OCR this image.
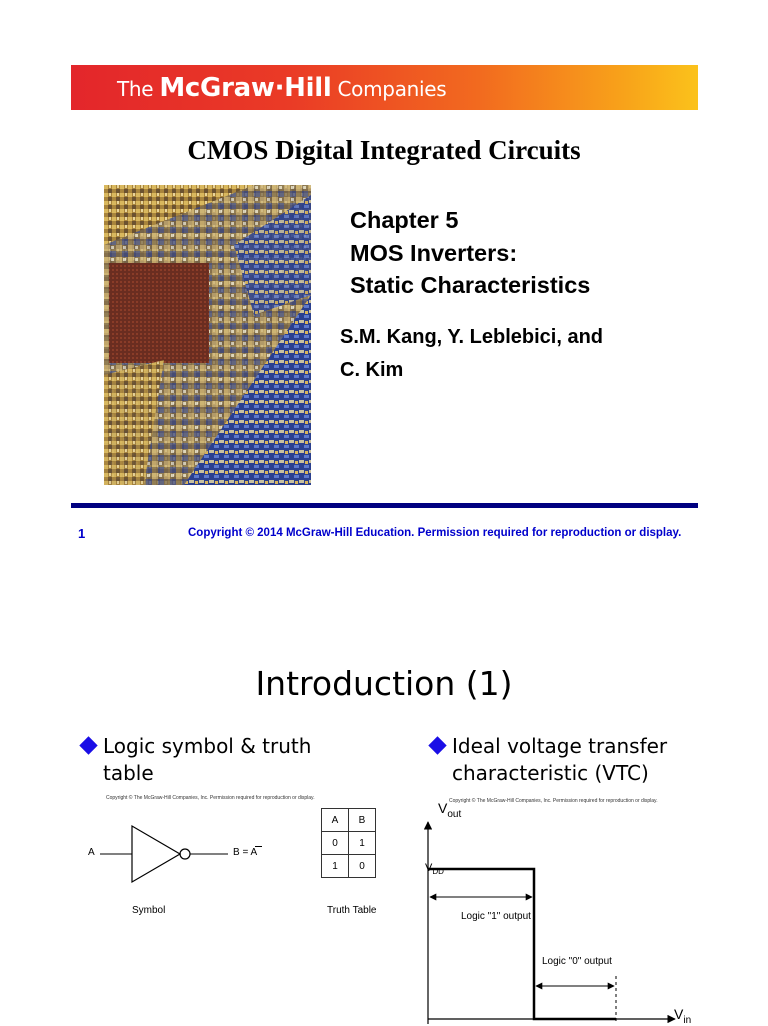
The McGraw·Hill Companies
CMOS Digital Integrated Circuits
Chapter 5
MOS Inverters:
Static Characteristics
S.M. Kang, Y. Leblebici, and
C. Kim
1	Copyright © 2014 McGraw-Hill Education. Permission required for reproduction or display.
Introduction (1)
Logic symbol & truth
table
Ideal voltage transfer
characteristic (VTC)
Copyright © The McGraw-Hill Companies, Inc. Permission required for reproduction or display.
A	B = A
Symbol
A	B
0	1
1	0
Truth Table
Copyright © The McGraw-Hill Companies, Inc. Permission required for reproduction or display.
$V_{out}$
$V_{DD}$
$V_{in}$
Logic "1" output
Logic "0" output
